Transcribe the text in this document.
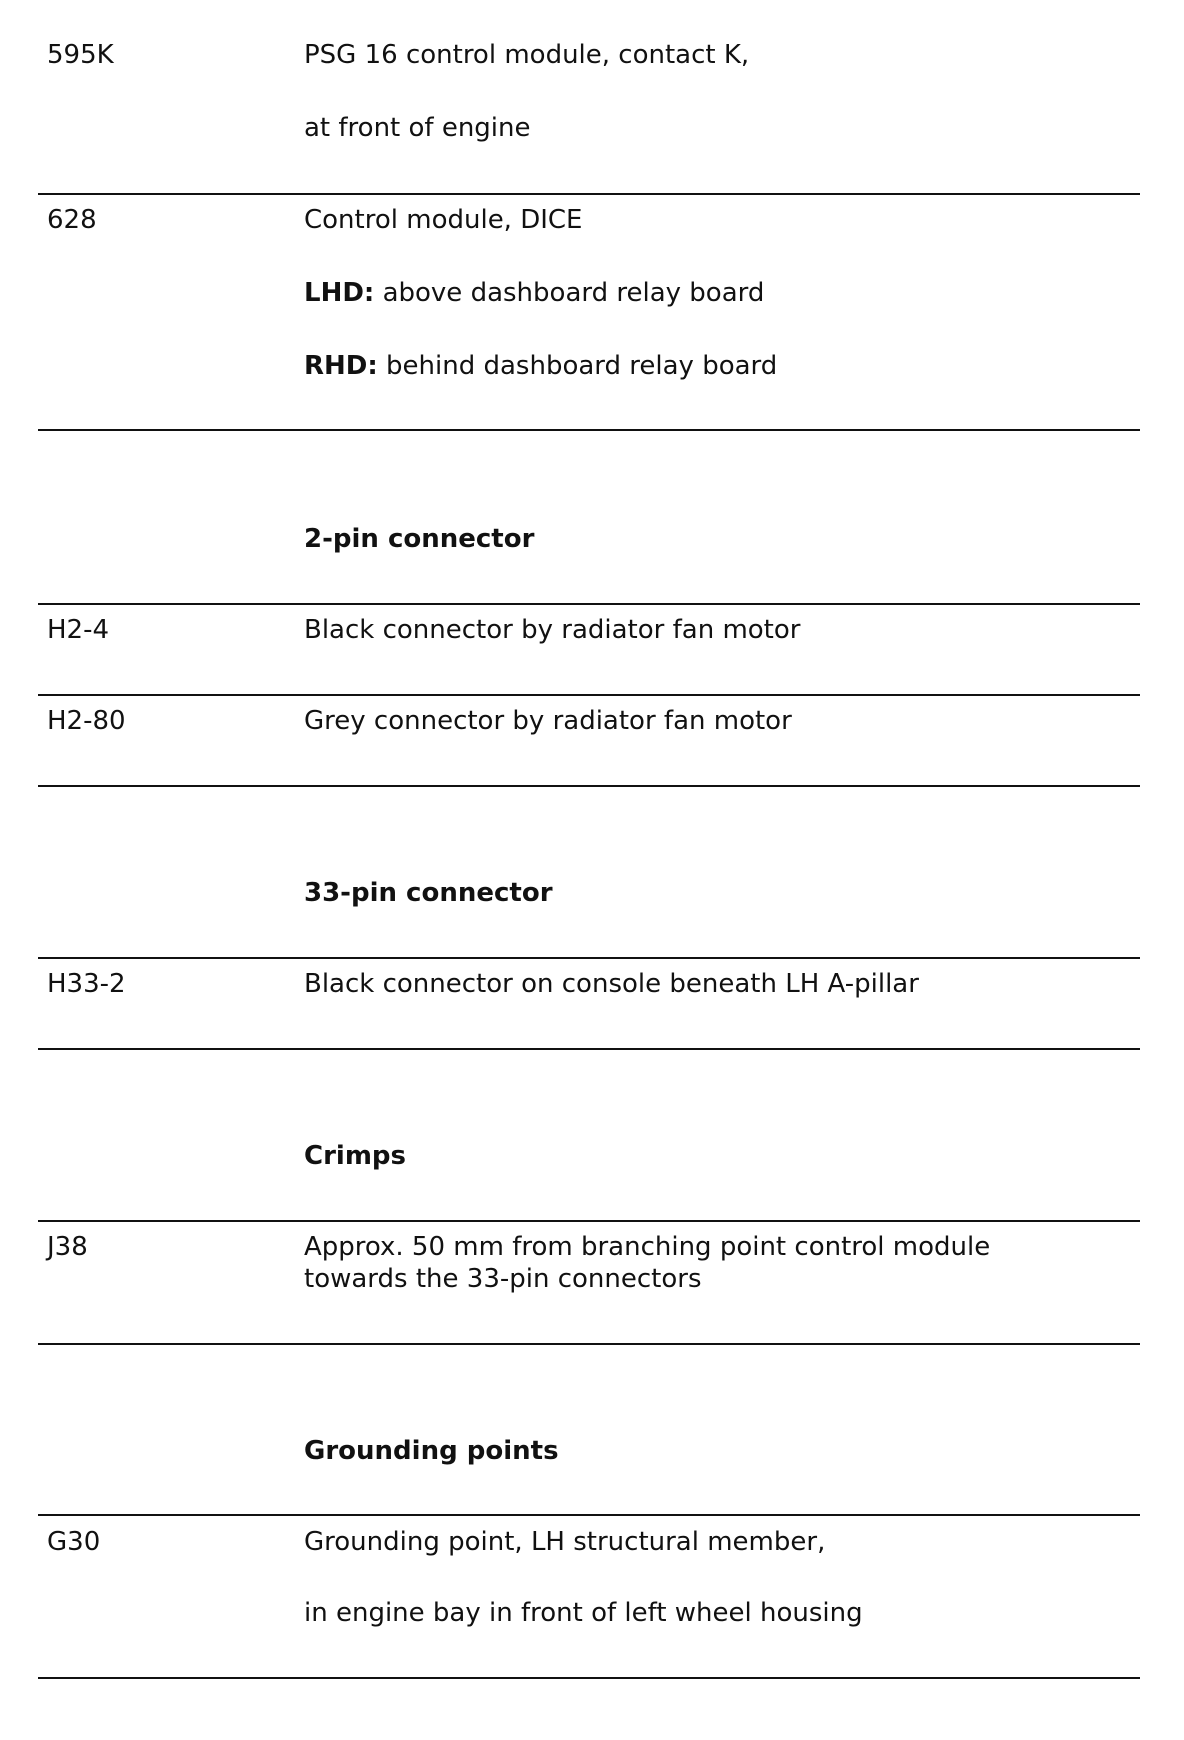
595K	PSG 16 control module, contact K,
at front of engine
628	Control module, DICE
LHD: above dashboard relay board
RHD: behind dashboard relay board
2-pin connector
H2-4	Black connector by radiator fan motor
H2-80	Grey connector by radiator fan motor
33-pin connector
H33-2	Black connector on console beneath LH A-pillar
Crimps
J38	Approx. 50 mm from branching point control module
towards the 33-pin connectors
Grounding points
G30	Grounding point, LH structural member,
in engine bay in front of left wheel housing
